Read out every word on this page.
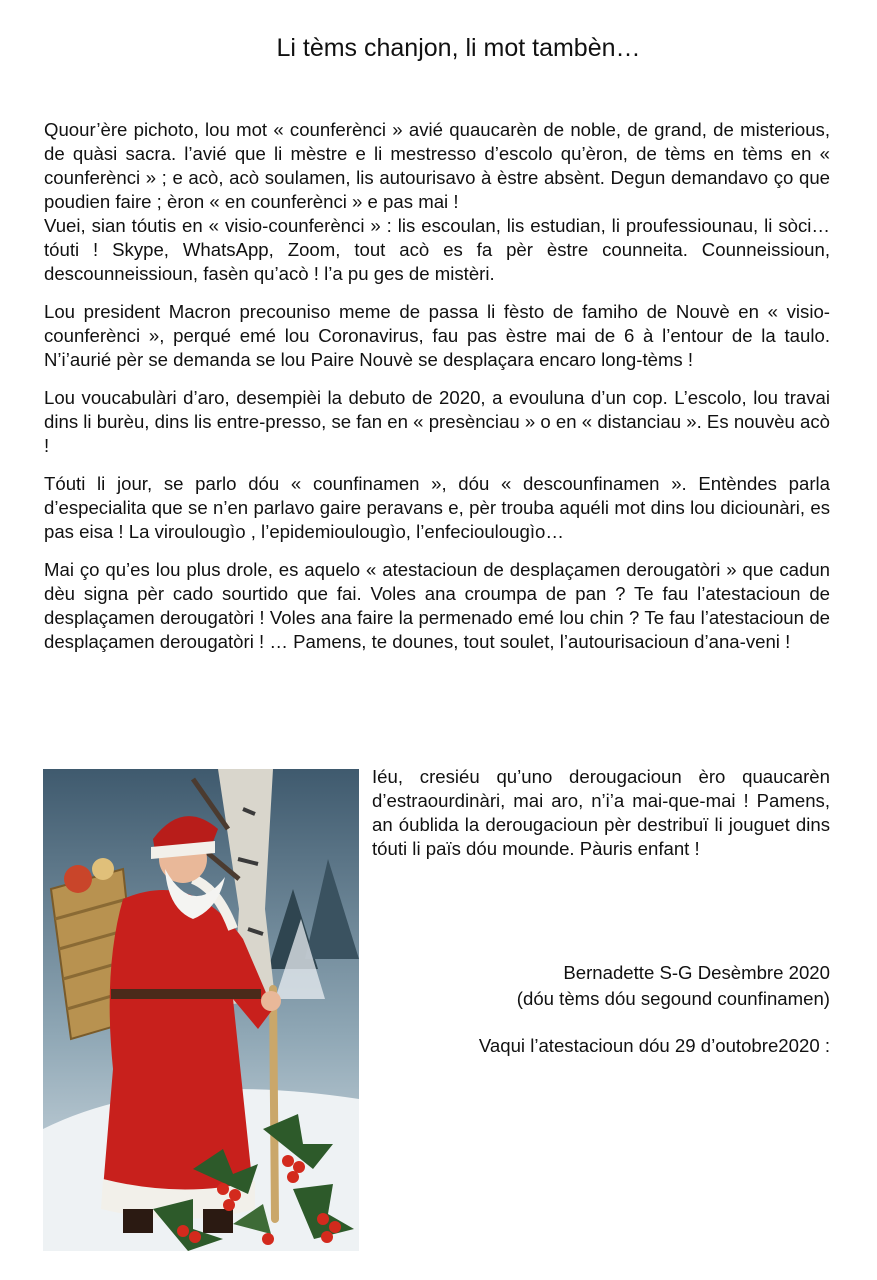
Li tèms chanjon, li mot tambèn…

Quour’ère pichoto, lou mot « counferènci » avié quaucarèn de noble, de grand, de misterious, de quàsi sacra. l’avié que li mèstre e li mestresso d’escolo qu’èron, de tèms en tèms en « counferènci » ; e acò, acò soulamen, lis autourisavo à èstre absènt. Degun demandavo ço que poudien faire ; èron « en counferènci » e pas mai !

Vuei, sian tóutis en « visio-counferènci » : lis escoulan, lis estudian, li proufessiounau, li sòci… tóuti ! Skype, WhatsApp, Zoom, tout acò es fa pèr èstre counneita. Counneissioun, descounneissioun, fasèn qu’acò ! l’a pu ges de mistèri.

Lou president Macron precouniso meme de passa li fèsto de famiho de Nouvè en « visio-counferènci », perqué emé lou Coronavirus, fau pas èstre mai de 6 à l’entour de la taulo. N’i’aurié pèr se demanda se lou Paire Nouvè se desplaçara encaro long-tèms !

Lou voucabulàri d’aro, desempièi la debuto de 2020, a evouluna d’un cop. L’escolo, lou travai dins li burèu, dins lis entre-presso, se fan en « presènciau » o en « distanciau ». Es nouvèu acò !

Tóuti li jour, se parlo dóu « counfinamen », dóu « descounfinamen ». Entèndes parla d’especialita que se n’en parlavo gaire peravans e, pèr trouba aquéli mot dins lou diciounàri, es pas eisa ! La viroulougìo , l’epidemioulougìo, l’enfecioulougìo…

Mai ço qu’es lou plus drole, es aquelo « atestacioun de desplaçamen derougatòri » que cadun dèu signa pèr cado sourtido que fai. Voles ana croumpa de pan ? Te fau l’atestacioun de desplaçamen derougatòri ! Voles ana faire la permenado emé lou chin ? Te fau l’atestacioun de desplaçamen derougatòri ! … Pamens, te dounes, tout soulet, l’autourisacioun d’ana-veni !

Iéu, cresiéu qu’uno derougacioun èro quaucarèn d’estraourdinàri, mai aro, n’i’a mai-que-mai ! Pamens, an óublida la derougacioun pèr destribuï li jouguet dins tóuti li païs dóu mounde. Pàuris enfant !
Bernadette S-G Desèmbre 2020
(dóu tèms dóu segound counfinamen)
Vaqui l’atestacioun dóu 29 d’outobre2020 :
